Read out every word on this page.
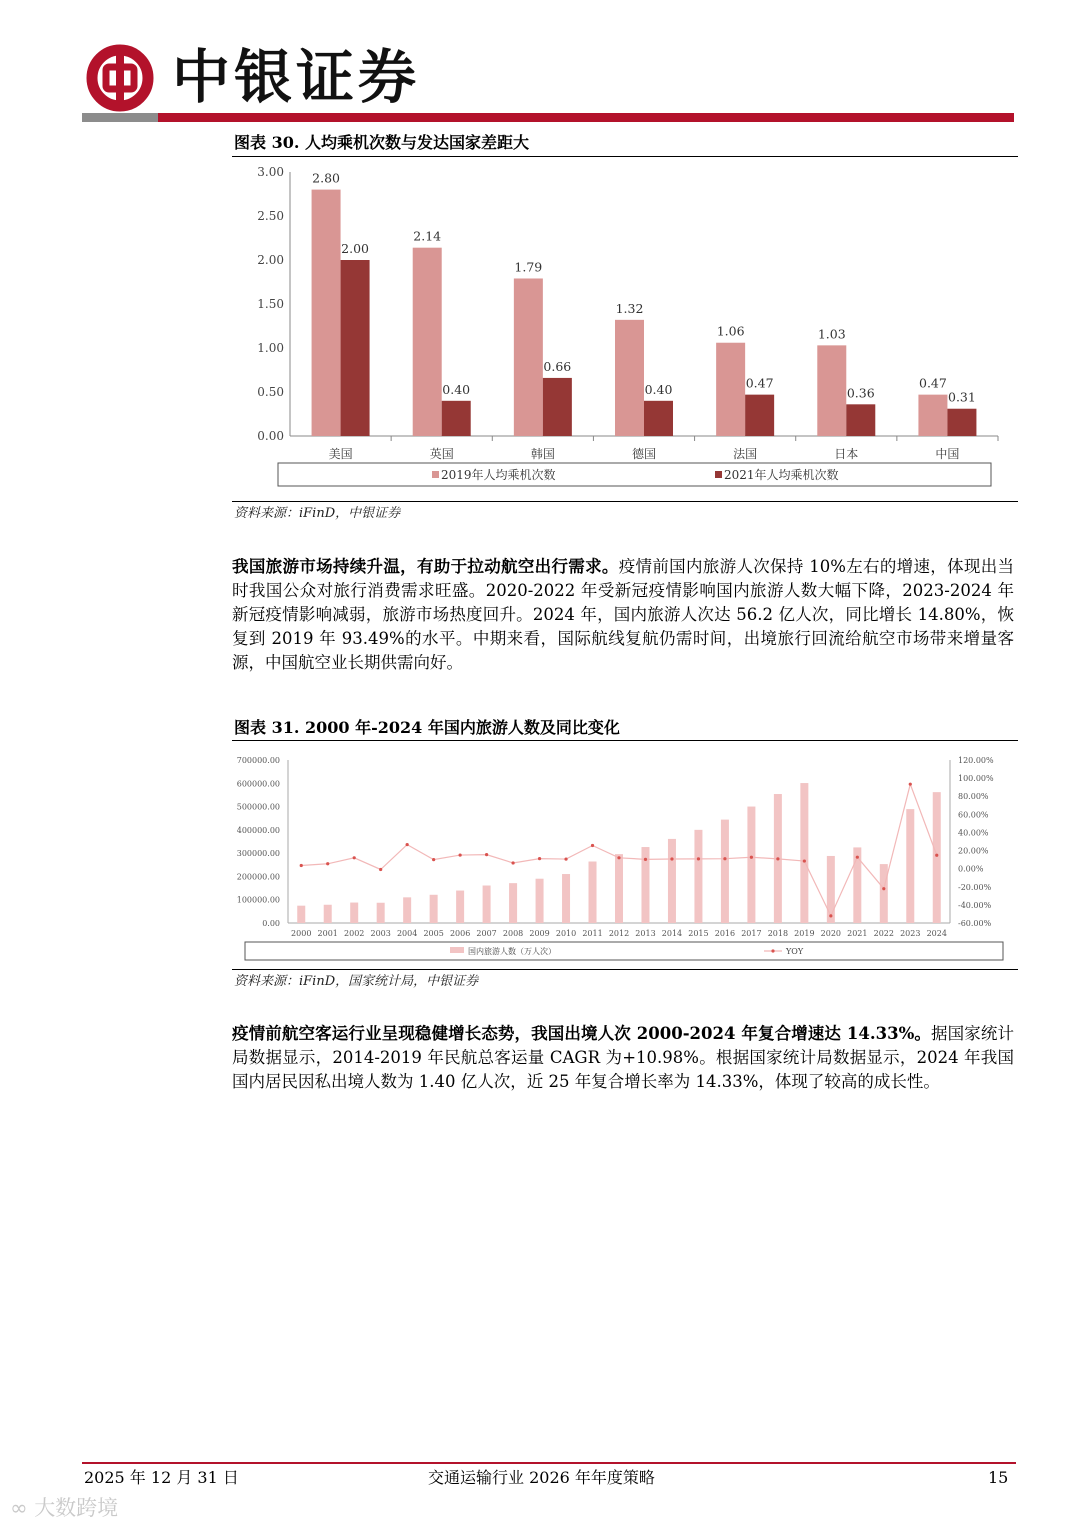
中银证券
图表 30. 人均乘机次数与发达国家差距大
0.00
0.50
1.00
1.50
2.00
2.50
3.00 2.80
2.00
美国
2.14
0.40
英国
1.79
0.66
韩国
1.32
0.40
德国
1.06
0.47
法国
1.03
0.36
日本
0.47
0.31
中国
2019年人均乘机次数	2021年人均乘机次数
资料来源：iFinD，中银证券
我国旅游市场持续升温，有助于拉动航空出行需求。疫情前国内旅游人次保持 10%左右的增速，体现出当时我国公众对旅行消费需求旺盛。2020-2022 年受新冠疫情影响国内旅游人数大幅下降，2023-2024 年新冠疫情影响减弱，旅游市场热度回升。2024 年，国内旅游人次达 56.2 亿人次，同比增长 14.80%，恢复到 2019 年 93.49%的水平。中期来看，国际航线复航仍需时间，出境旅行回流给航空市场带来增量客源，中国航空业长期供需向好。
图表 31. 2000 年-2024 年国内旅游人数及同比变化
0.00
100000.00
200000.00
300000.00
400000.00
500000.00
600000.00
700000.00
-60.00%
-40.00%
-20.00%
0.00%
20.00%
40.00%
60.00%
80.00%
100.00%
120.00%
2000 2001 2002 2003 2004 2005 2006 2007 2008 2009 2010 2011 2012 2013 2014 2015 2016 2017 2018 2019 2020 2021 2022 2023 2024
国内旅游人数（万人次）	YOY
资料来源：iFinD，国家统计局，中银证券
疫情前航空客运行业呈现稳健增长态势，我国出境人次 2000-2024 年复合增速达 14.33%。据国家统计局数据显示，2014-2019 年民航总客运量 CAGR 为+10.98%。根据国家统计局数据显示，2024 年我国国内居民因私出境人数为 1.40 亿人次，近 25 年复合增长率为 14.33%，体现了较高的成长性。
2025 年 12 月 31 日	交通运输行业 2026 年年度策略	15
∞ 大数跨境
